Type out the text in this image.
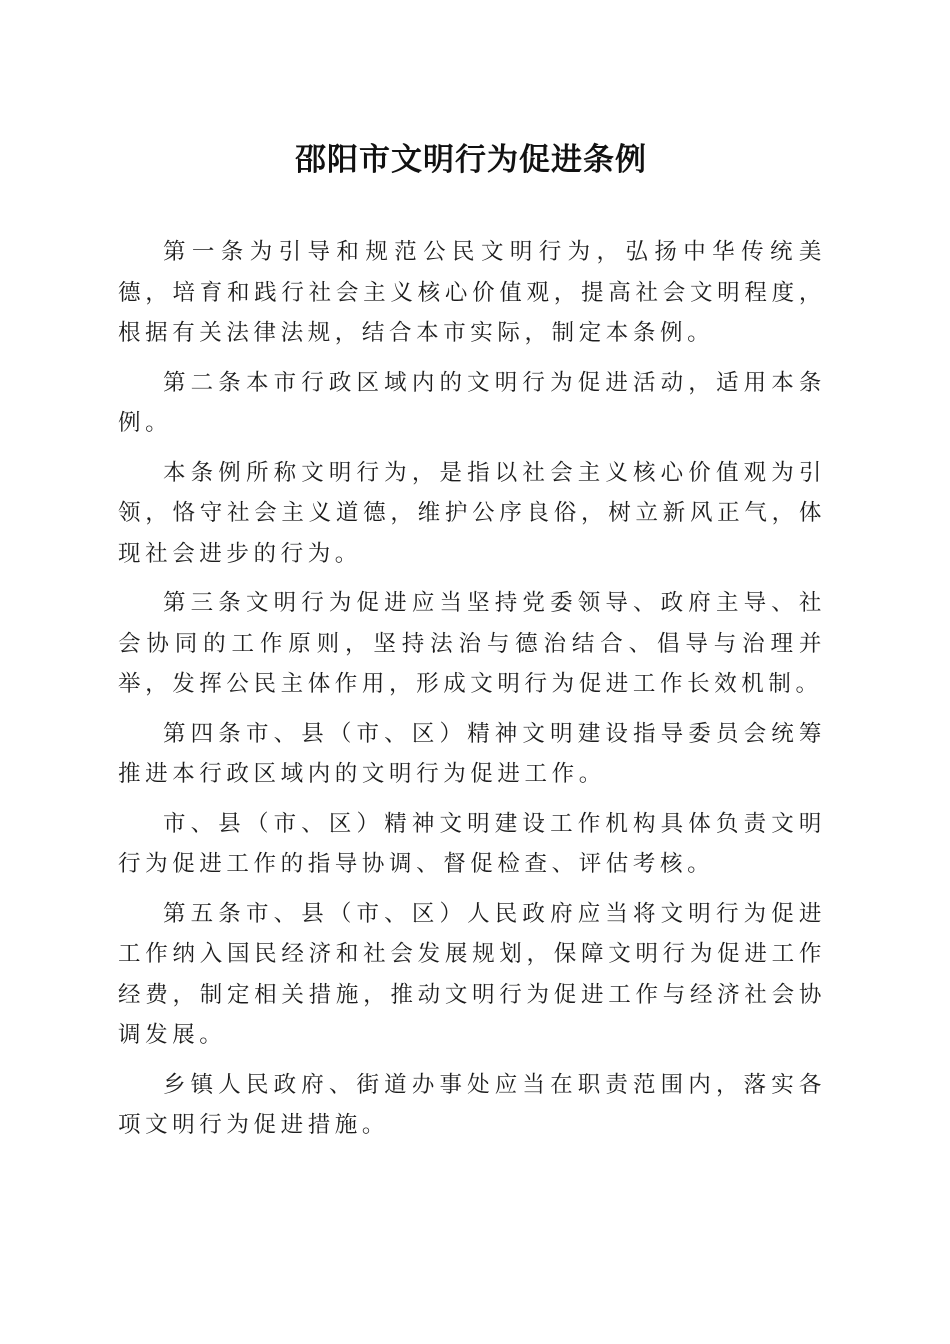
邵阳市文明行为促进条例

第一条为引导和规范公民文明行为，弘扬中华传统美德，培育和践行社会主义核心价值观，提高社会文明程度，根据有关法律法规，结合本市实际，制定本条例。

第二条本市行政区域内的文明行为促进活动，适用本条例。

本条例所称文明行为，是指以社会主义核心价值观为引领，恪守社会主义道德，维护公序良俗，树立新风正气，体现社会进步的行为。

第三条文明行为促进应当坚持党委领导、政府主导、社会协同的工作原则，坚持法治与德治结合、倡导与治理并举，发挥公民主体作用，形成文明行为促进工作长效机制。

第四条市、县（市、区）精神文明建设指导委员会统筹推进本行政区域内的文明行为促进工作。

市、县（市、区）精神文明建设工作机构具体负责文明行为促进工作的指导协调、督促检查、评估考核。

第五条市、县（市、区）人民政府应当将文明行为促进工作纳入国民经济和社会发展规划，保障文明行为促进工作经费，制定相关措施，推动文明行为促进工作与经济社会协调发展。

乡镇人民政府、街道办事处应当在职责范围内，落实各项文明行为促进措施。
